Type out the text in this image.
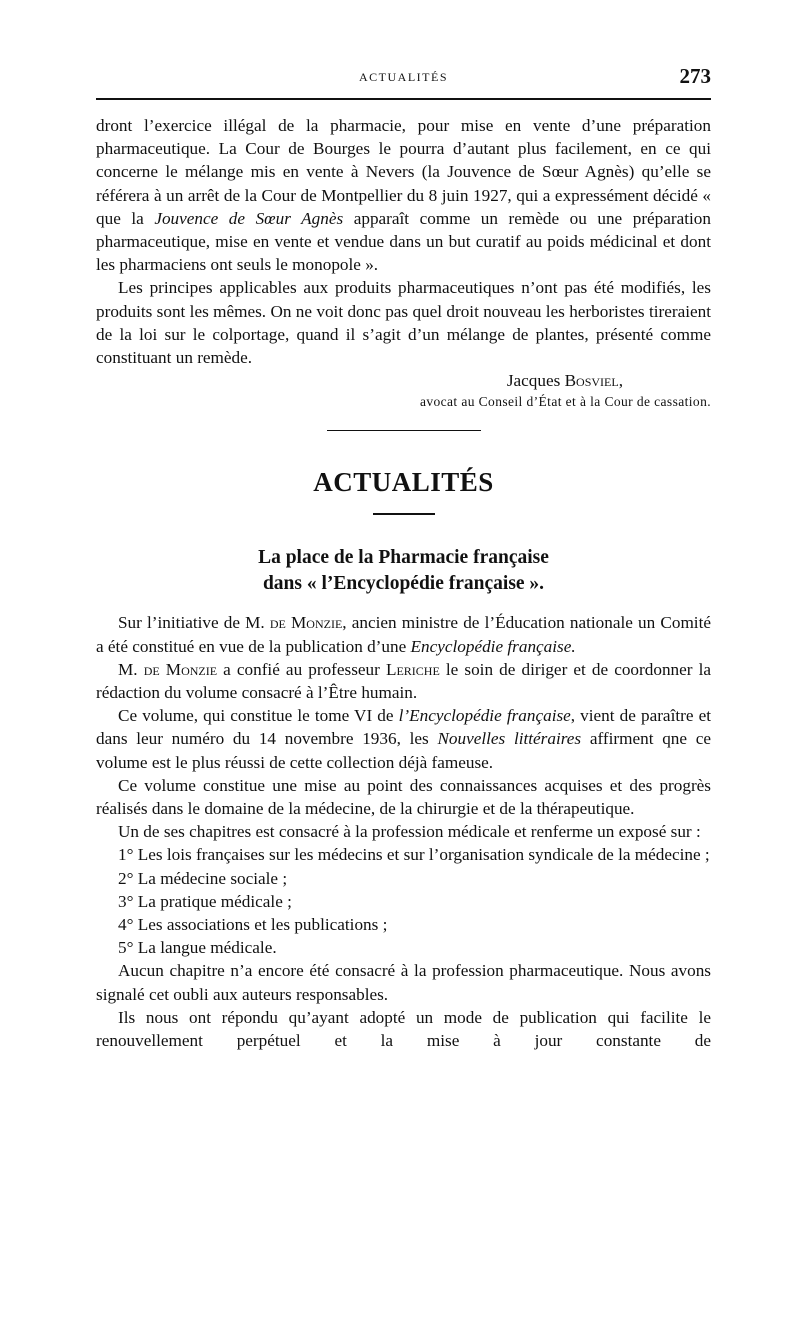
ACTUALITÉS	273

dront l’exercice illégal de la pharmacie, pour mise en vente d’une préparation pharmaceutique. La Cour de Bourges le pourra d’autant plus facilement, en ce qui concerne le mélange mis en vente à Nevers (la Jouvence de Sœur Agnès) qu’elle se référera à un arrêt de la Cour de Montpellier du 8 juin 1927, qui a expressément décidé « que la Jouvence de Sœur Agnès apparaît comme un remède ou une préparation pharmaceutique, mise en vente et vendue dans un but curatif au poids médicinal et dont les pharmaciens ont seuls le monopole ».

Les principes applicables aux produits pharmaceutiques n’ont pas été modifiés, les produits sont les mêmes. On ne voit donc pas quel droit nouveau les herboristes tireraient de la loi sur le colportage, quand il s’agit d’un mélange de plantes, présenté comme constituant un remède.

Jacques Bosviel,

avocat au Conseil d’État et à la Cour de cassation.

ACTUALITÉS
La place de la Pharmacie française
dans « l’Encyclopédie française ».

Sur l’initiative de M. de Monzie, ancien ministre de l’Éducation nationale un Comité a été constitué en vue de la publication d’une Encyclopédie française.

M. de Monzie a confié au professeur Leriche le soin de diriger et de coordonner la rédaction du volume consacré à l’Être humain.

Ce volume, qui constitue le tome VI de l’Encyclopédie française, vient de paraître et dans leur numéro du 14 novembre 1936, les Nouvelles littéraires affirment qne ce volume est le plus réussi de cette collection déjà fameuse.

Ce volume constitue une mise au point des connaissances acquises et des progrès réalisés dans le domaine de la médecine, de la chirurgie et de la thérapeutique.

Un de ses chapitres est consacré à la profession médicale et renferme un exposé sur :

1° Les lois françaises sur les médecins et sur l’organisation syndicale de la médecine ;

2° La médecine sociale ;

3° La pratique médicale ;

4° Les associations et les publications ;

5° La langue médicale.

Aucun chapitre n’a encore été consacré à la profession pharmaceutique. Nous avons signalé cet oubli aux auteurs responsables.

Ils nous ont répondu qu’ayant adopté un mode de publication qui facilite le renouvellement perpétuel et la mise à jour constante de
